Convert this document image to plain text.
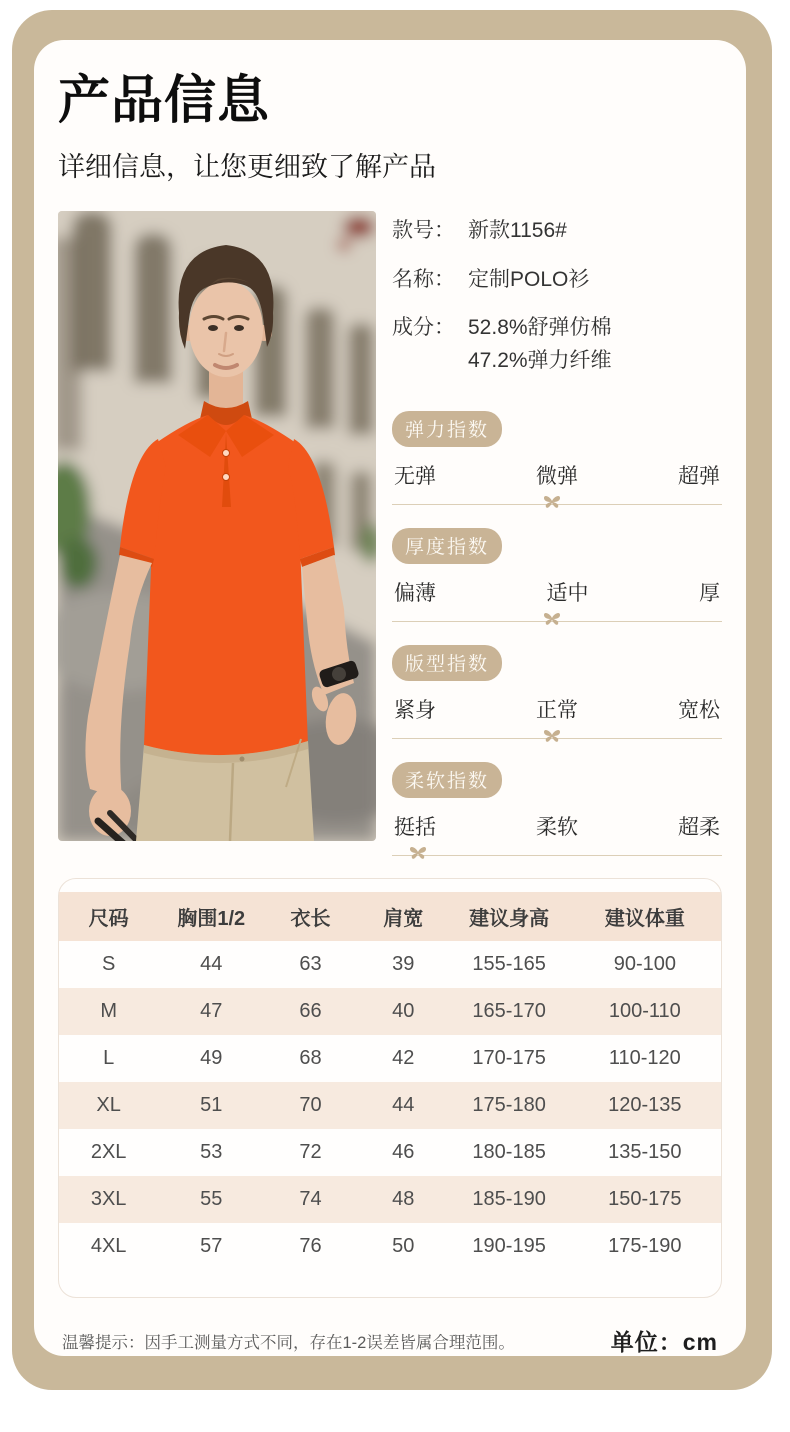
产品信息

详细信息，让您更细致了解产品

款号： 新款1156#
名称： 定制POLO衫
成分： 52.8%舒弹仿棉
47.2%弹力纤维
弹力指数
无弹	微弹	超弹
厚度指数
偏薄	适中	厚
版型指数
紧身	正常	宽松
柔软指数
挺括	柔软	超柔
尺码	胸围1/2	衣长	肩宽	建议身高	建议体重
S	44	63	39	155-165	90-100
M	47	66	40	165-170	100-110
L	49	68	42	170-175	110-120
XL	51	70	44	175-180	120-135
2XL	53	72	46	180-185	135-150
3XL	55	74	48	185-190	150-175
4XL	57	76	50	190-195	175-190
温馨提示：因手工测量方式不同，存在1-2误差皆属合理范围。	单位：cm
